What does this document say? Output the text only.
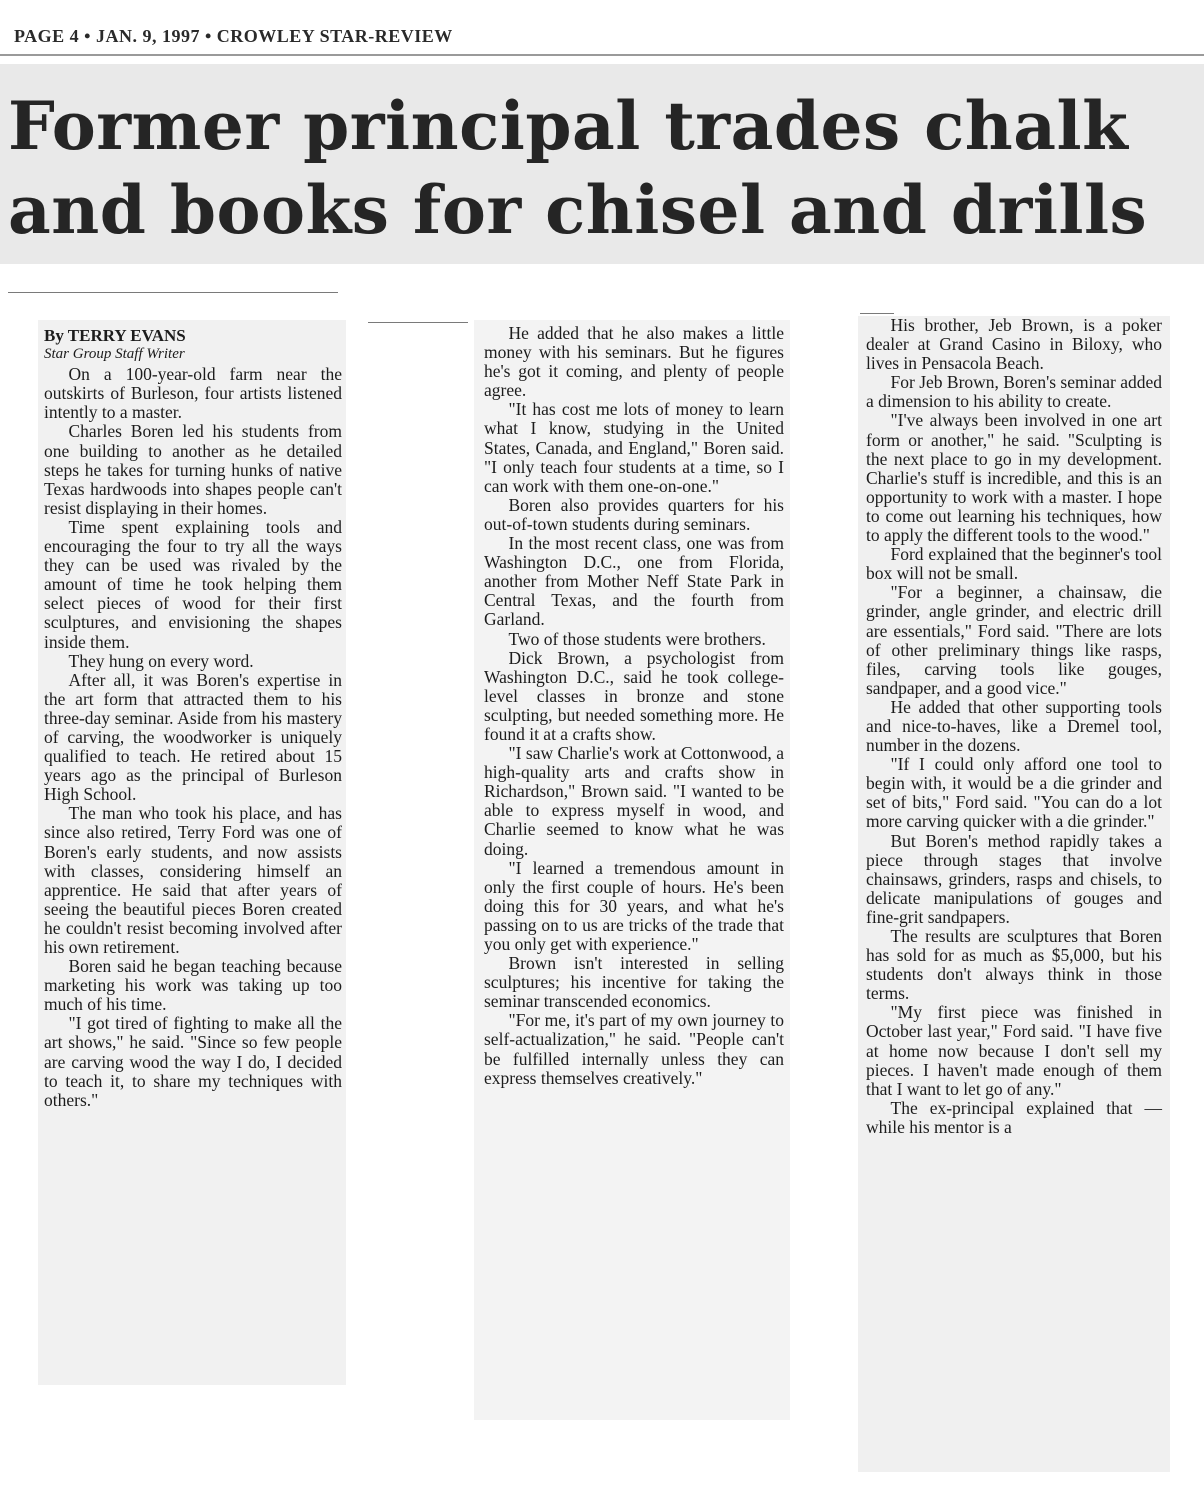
PAGE 4 • JAN. 9, 1997 • CROWLEY STAR-REVIEW
Former principal trades chalk and books for chisel and drills
By TERRY EVANS
Star Group Staff Writer

On a 100-year-old farm near the outskirts of Burleson, four artists listened intently to a master.

Charles Boren led his students from one building to another as he detailed steps he takes for turning hunks of native Texas hardwoods into shapes people can't resist displaying in their homes.

Time spent explaining tools and encouraging the four to try all the ways they can be used was rivaled by the amount of time he took helping them select pieces of wood for their first sculptures, and envisioning the shapes inside them.

They hung on every word.

After all, it was Boren's expertise in the art form that attracted them to his three-day seminar. Aside from his mastery of carving, the woodworker is uniquely qualified to teach. He retired about 15 years ago as the principal of Burleson High School.

The man who took his place, and has since also retired, Terry Ford was one of Boren's early students, and now assists with classes, considering himself an apprentice. He said that after years of seeing the beautiful pieces Boren created he couldn't resist becoming involved after his own retirement.

Boren said he began teaching because marketing his work was taking up too much of his time.

"I got tired of fighting to make all the art shows," he said. "Since so few people are carving wood the way I do, I decided to teach it, to share my techniques with others."

He added that he also makes a little money with his seminars. But he figures he's got it coming, and plenty of people agree.

"It has cost me lots of money to learn what I know, studying in the United States, Canada, and England," Boren said. "I only teach four students at a time, so I can work with them one-on-one."

Boren also provides quarters for his out-of-town students during seminars.

In the most recent class, one was from Washington D.C., one from Florida, another from Mother Neff State Park in Central Texas, and the fourth from Garland.

Two of those students were brothers.

Dick Brown, a psychologist from Washington D.C., said he took college-level classes in bronze and stone sculpting, but needed something more. He found it at a crafts show.

"I saw Charlie's work at Cottonwood, a high-quality arts and crafts show in Richardson," Brown said. "I wanted to be able to express myself in wood, and Charlie seemed to know what he was doing.

"I learned a tremendous amount in only the first couple of hours. He's been doing this for 30 years, and what he's passing on to us are tricks of the trade that you only get with experience."

Brown isn't interested in selling sculptures; his incentive for taking the seminar transcended economics.

"For me, it's part of my own journey to self-actualization," he said. "People can't be fulfilled internally unless they can express themselves creatively."

His brother, Jeb Brown, is a poker dealer at Grand Casino in Biloxy, who lives in Pensacola Beach.

For Jeb Brown, Boren's seminar added a dimension to his ability to create.

"I've always been involved in one art form or another," he said. "Sculpting is the next place to go in my development. Charlie's stuff is incredible, and this is an opportunity to work with a master. I hope to come out learning his techniques, how to apply the different tools to the wood."

Ford explained that the beginner's tool box will not be small.

"For a beginner, a chainsaw, die grinder, angle grinder, and electric drill are essentials," Ford said. "There are lots of other preliminary things like rasps, files, carving tools like gouges, sandpaper, and a good vice."

He added that other supporting tools and nice-to-haves, like a Dremel tool, number in the dozens.

"If I could only afford one tool to begin with, it would be a die grinder and set of bits," Ford said. "You can do a lot more carving quicker with a die grinder."

But Boren's method rapidly takes a piece through stages that involve chainsaws, grinders, rasps and chisels, to delicate manipulations of gouges and fine-grit sandpapers.

The results are sculptures that Boren has sold for as much as $5,000, but his students don't always think in those terms.

"My first piece was finished in October last year," Ford said. "I have five at home now because I don't sell my pieces. I haven't made enough of them that I want to let go of any."

The ex-principal explained that — while his mentor is a
